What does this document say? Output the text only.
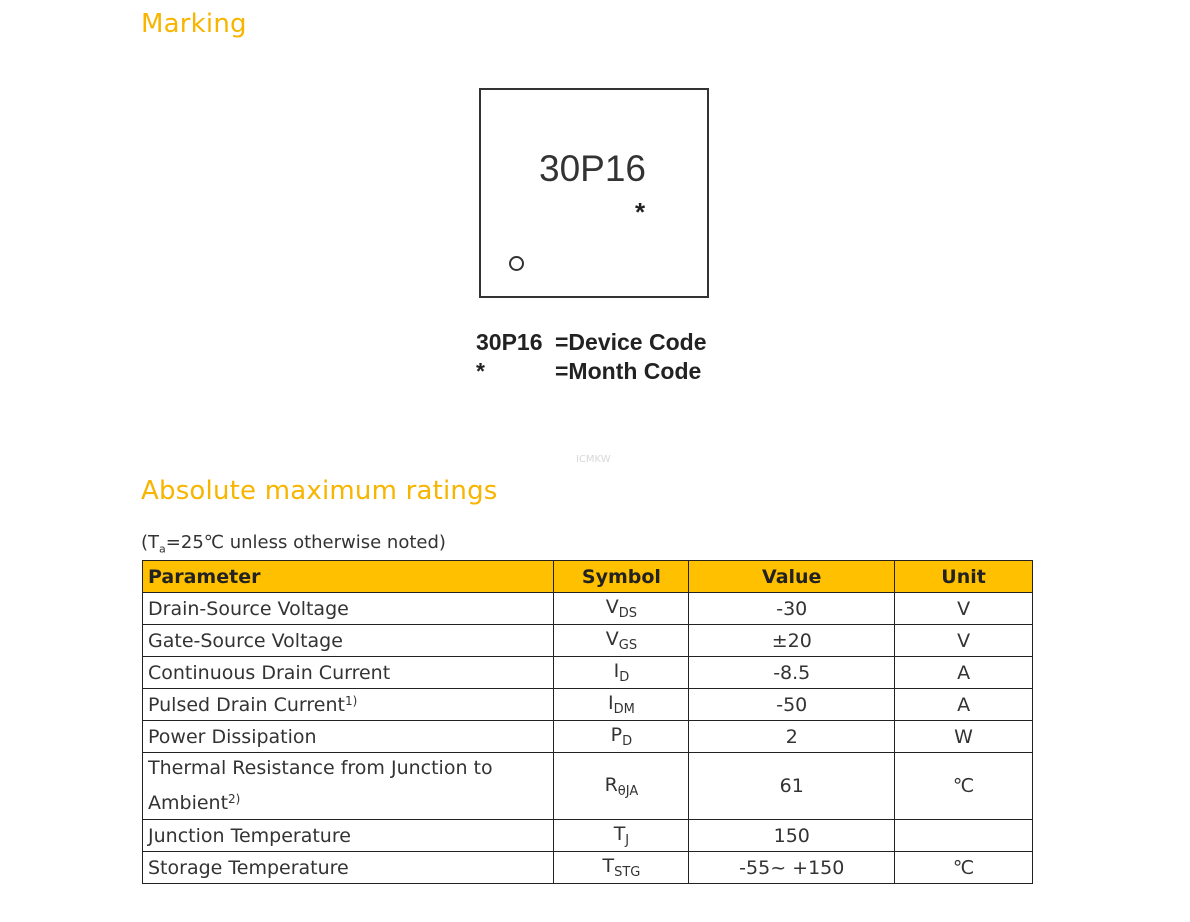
Marking
30P16
*
30P16 =Device Code
*	=Month Code
ICMKW
Absolute maximum ratings
($T_a=25℃$ unless otherwise noted)
Parameter	Symbol	Value	Unit
Drain-Source Voltage	$V_{DS}$	-30	V
Gate-Source Voltage	$V_{GS}$	±20	V
Continuous Drain Current	$I_D$	-8.5	A
Pulsed Drain Current$^{1)}$	$I_{DM}$	-50	A
Power Dissipation	$P_D$	2	W
Thermal Resistance from Junction to Ambient$^{2)}$	$R_{\theta JA}$	61	℃
Junction Temperature	$T_J$	150	
Storage Temperature	$T_{STG}$	-55~ +150	℃
